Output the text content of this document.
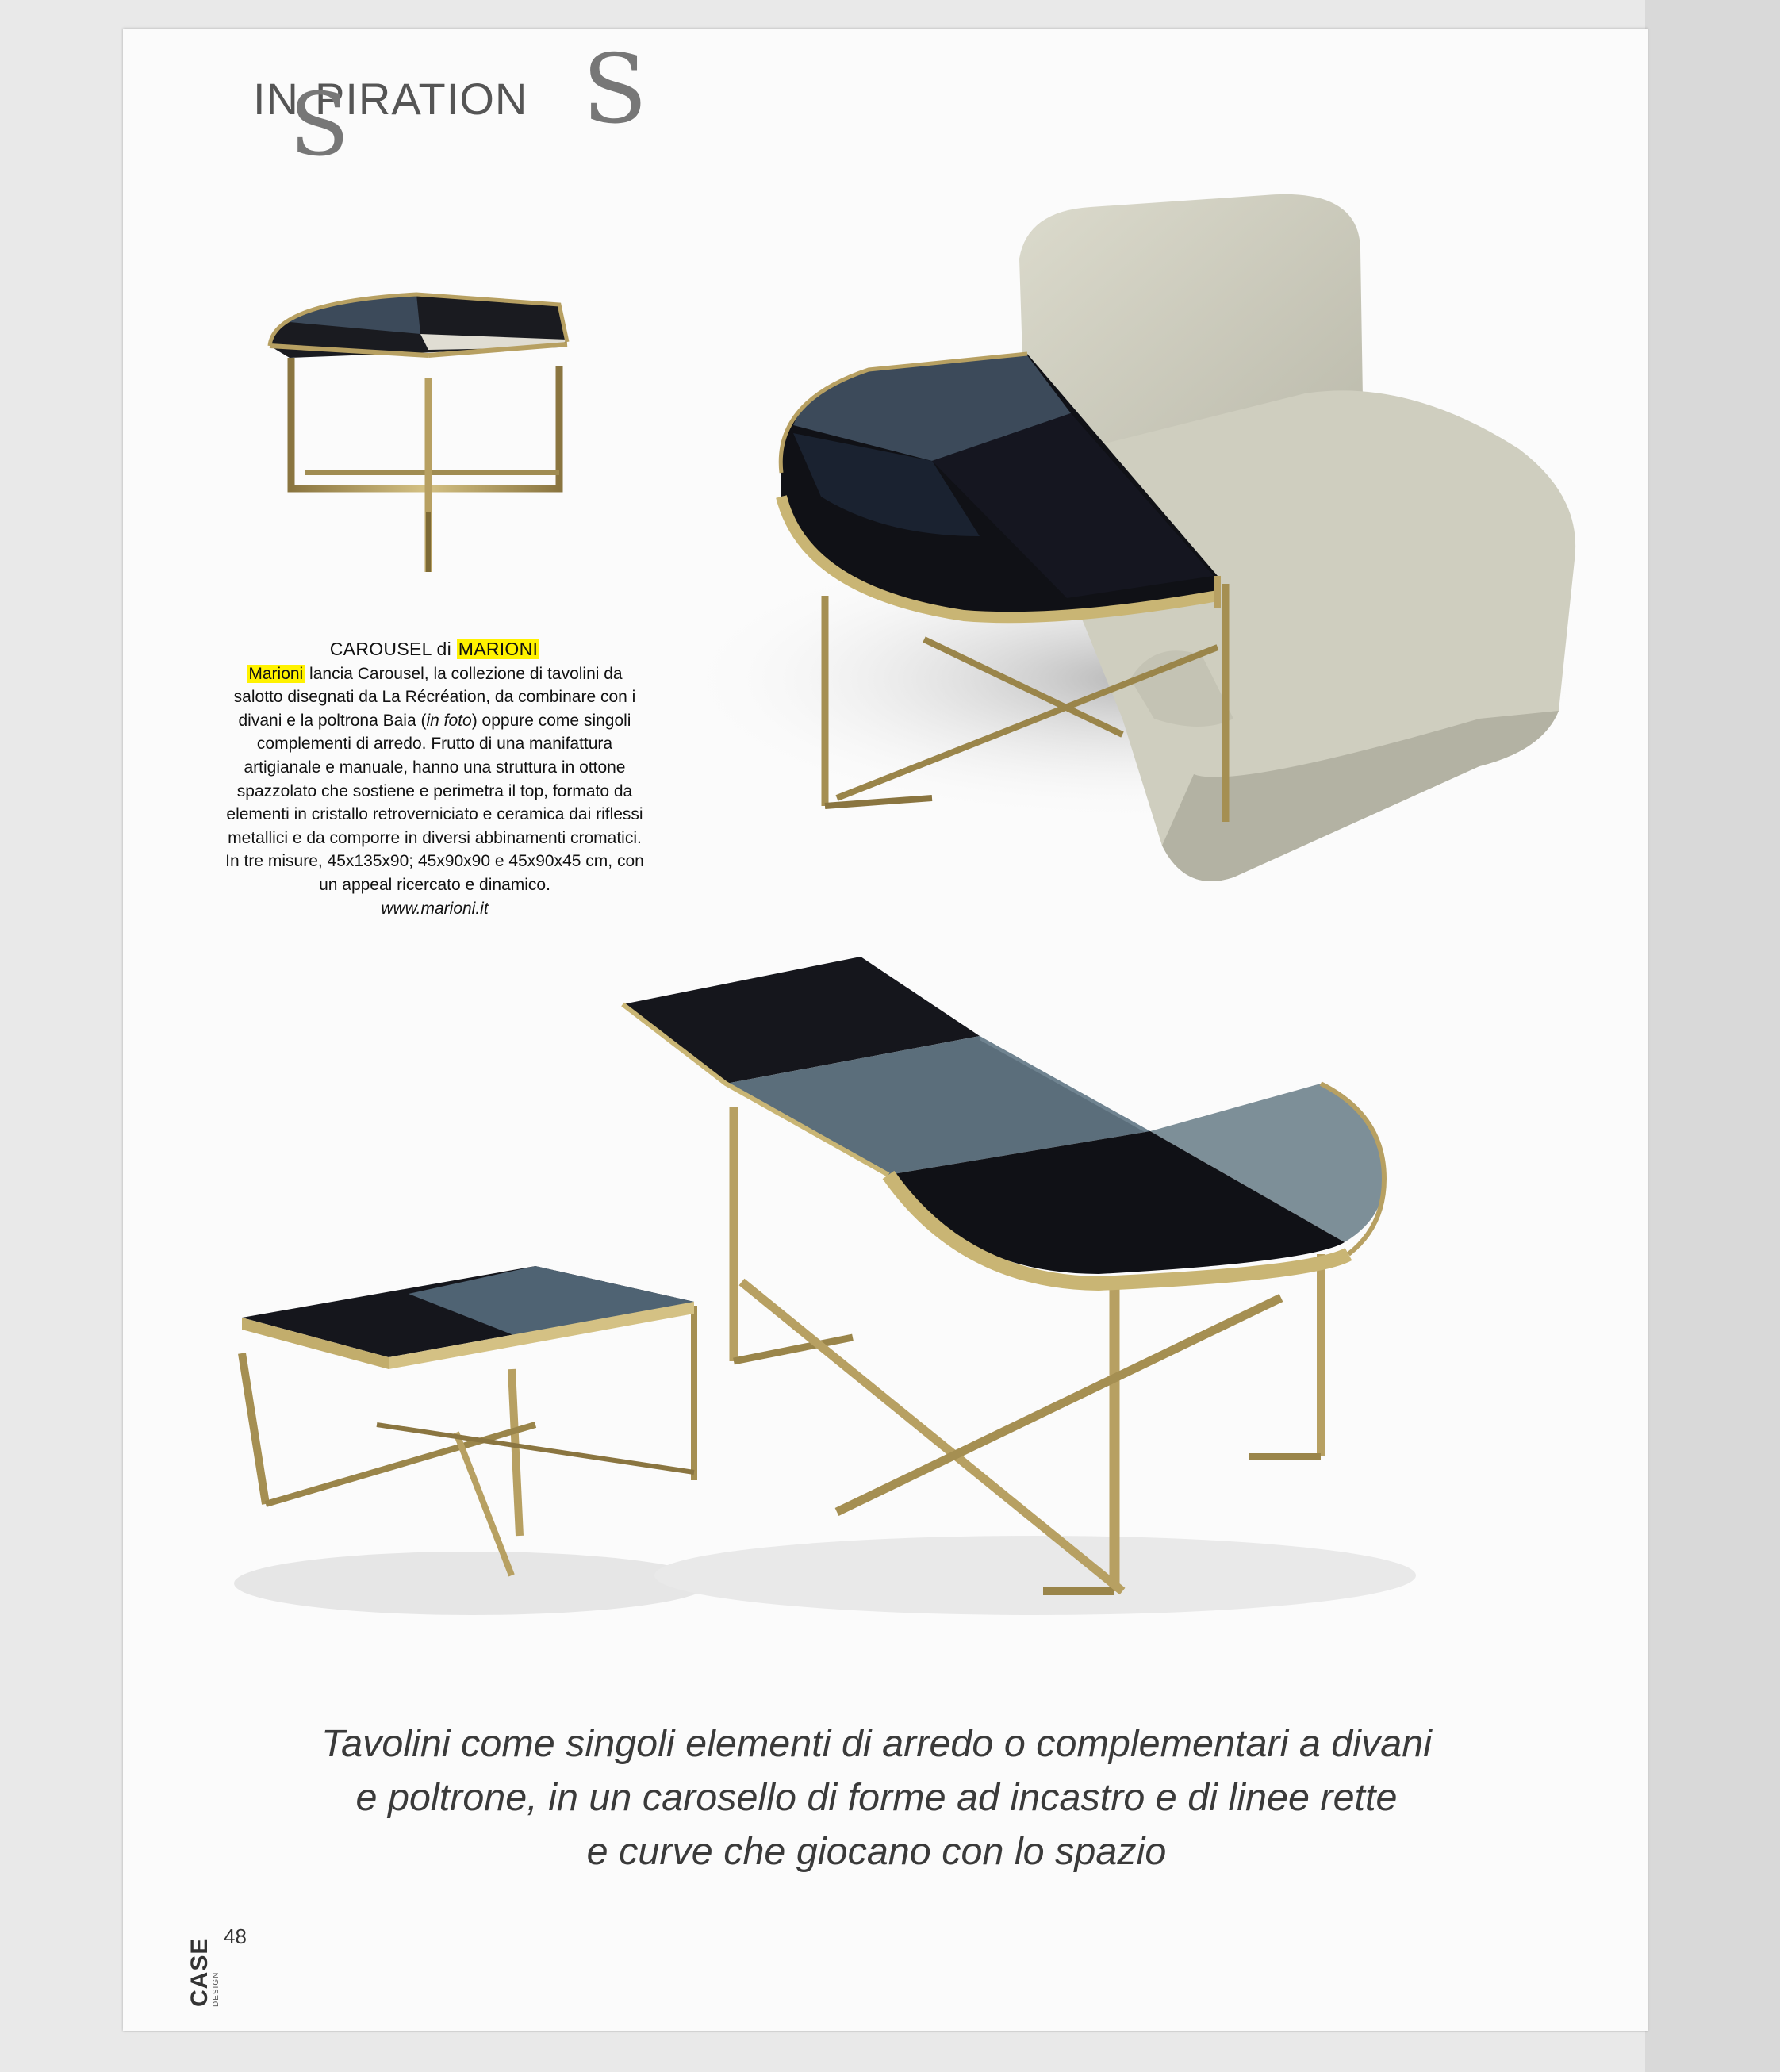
IN PIRATION
S S
CAROUSEL di MARIONI
Marioni lancia Carousel, la collezione di tavolini da salotto disegnati da La Récréation, da combinare con i divani e la poltrona Baia (in foto) oppure come singoli complementi di arredo. Frutto di una manifattura artigianale e manuale, hanno una struttura in ottone spazzolato che sostiene e perimetra il top, formato da elementi in cristallo retroverniciato e ceramica dai riflessi metallici e da comporre in diversi abbinamenti cromatici. In tre misure, 45x135x90; 45x90x90 e 45x90x45 cm, con un appeal ricercato e dinamico.
www.marioni.it
Tavolini come singoli elementi di arredo o complementari a divani
e poltrone, in un carosello di forme ad incastro e di linee rette
e curve che giocano con lo spazio
CASE DESIGN
48
